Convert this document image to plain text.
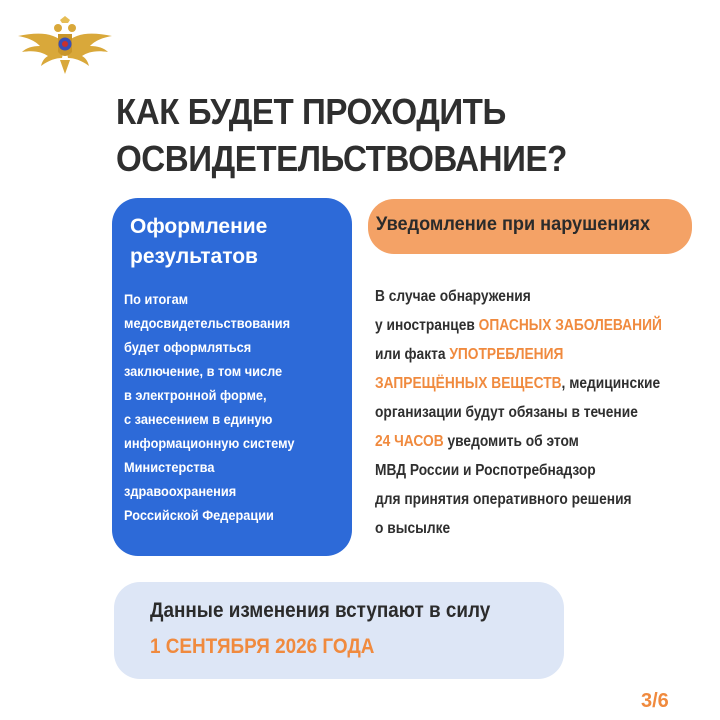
КАК БУДЕТ ПРОХОДИТЬ
ОСВИДЕТЕЛЬСТВОВАНИЕ?
Оформление
результатов
По итогам
медосвидетельствования
будет оформляться
заключение, в том числе
в электронной форме,
с занесением в единую
информационную систему
Министерства
здравоохранения
Российской Федерации
Уведомление при нарушениях
В случае обнаружения
у иностранцев ОПАСНЫХ ЗАБОЛЕВАНИЙ
или факта УПОТРЕБЛЕНИЯ
ЗАПРЕЩЁННЫХ ВЕЩЕСТВ, медицинские
организации будут обязаны в течение
24 ЧАСОВ уведомить об этом
МВД России и Роспотребнадзор
для принятия оперативного решения
о высылке
Данные изменения вступают в силу
1 СЕНТЯБРЯ 2026 ГОДА
3/6
